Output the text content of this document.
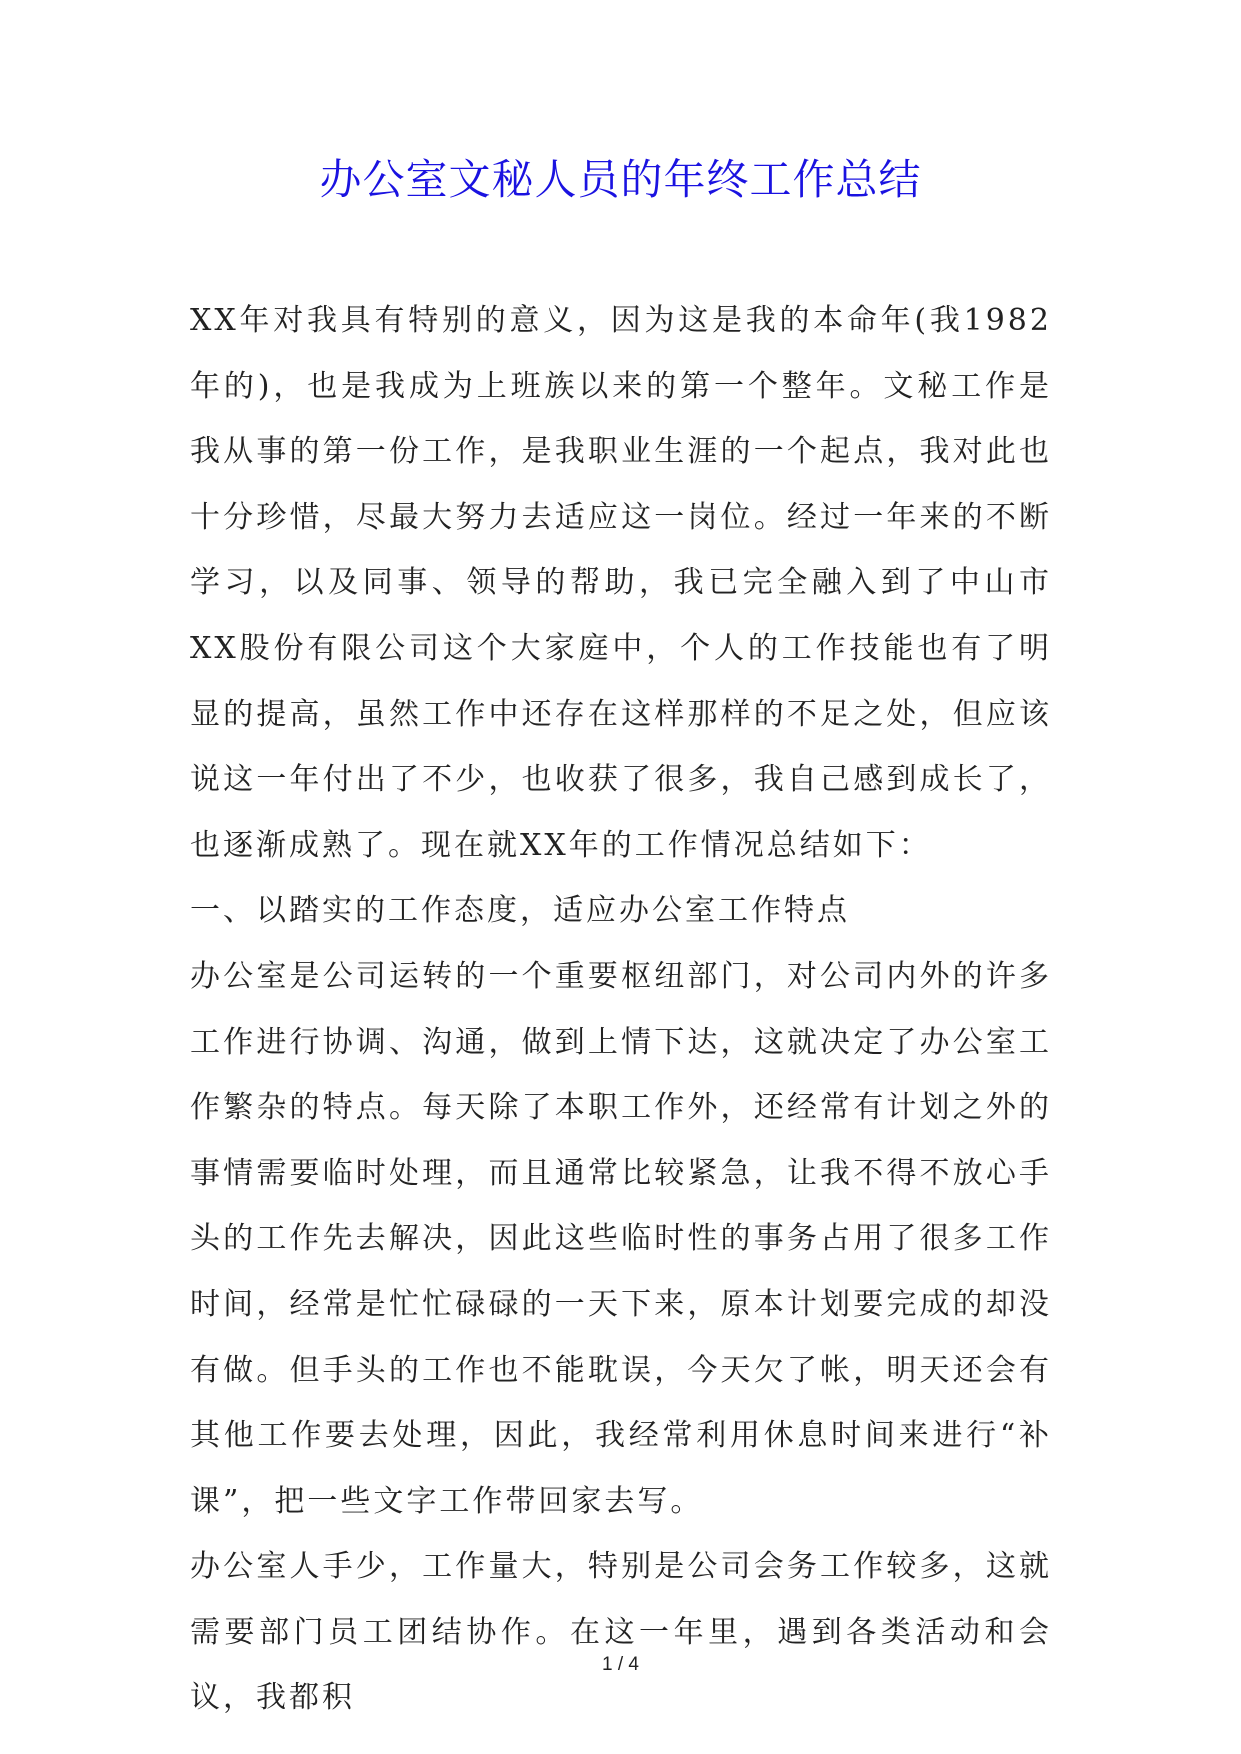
办公室文秘人员的年终工作总结

XX年对我具有特别的意义，因为这是我的本命年(我1982年的)，也是我成为上班族以来的第一个整年。文秘工作是我从事的第一份工作，是我职业生涯的一个起点，我对此也十分珍惜，尽最大努力去适应这一岗位。经过一年来的不断学习，以及同事、领导的帮助，我已完全融入到了中山市XX股份有限公司这个大家庭中，个人的工作技能也有了明显的提高，虽然工作中还存在这样那样的不足之处，但应该说这一年付出了不少，也收获了很多，我自己感到成长了，也逐渐成熟了。现在就XX年的工作情况总结如下：

一、以踏实的工作态度，适应办公室工作特点

办公室是公司运转的一个重要枢纽部门，对公司内外的许多工作进行协调、沟通，做到上情下达，这就决定了办公室工作繁杂的特点。每天除了本职工作外，还经常有计划之外的事情需要临时处理，而且通常比较紧急，让我不得不放心手头的工作先去解决，因此这些临时性的事务占用了很多工作时间，经常是忙忙碌碌的一天下来，原本计划要完成的却没有做。但手头的工作也不能耽误，今天欠了帐，明天还会有其他工作要去处理，因此，我经常利用休息时间来进行“补课”，把一些文字工作带回家去写。

办公室人手少，工作量大，特别是公司会务工作较多，这就需要部门员工团结协作。在这一年里，遇到各类活动和会议，我都积

1 / 4
